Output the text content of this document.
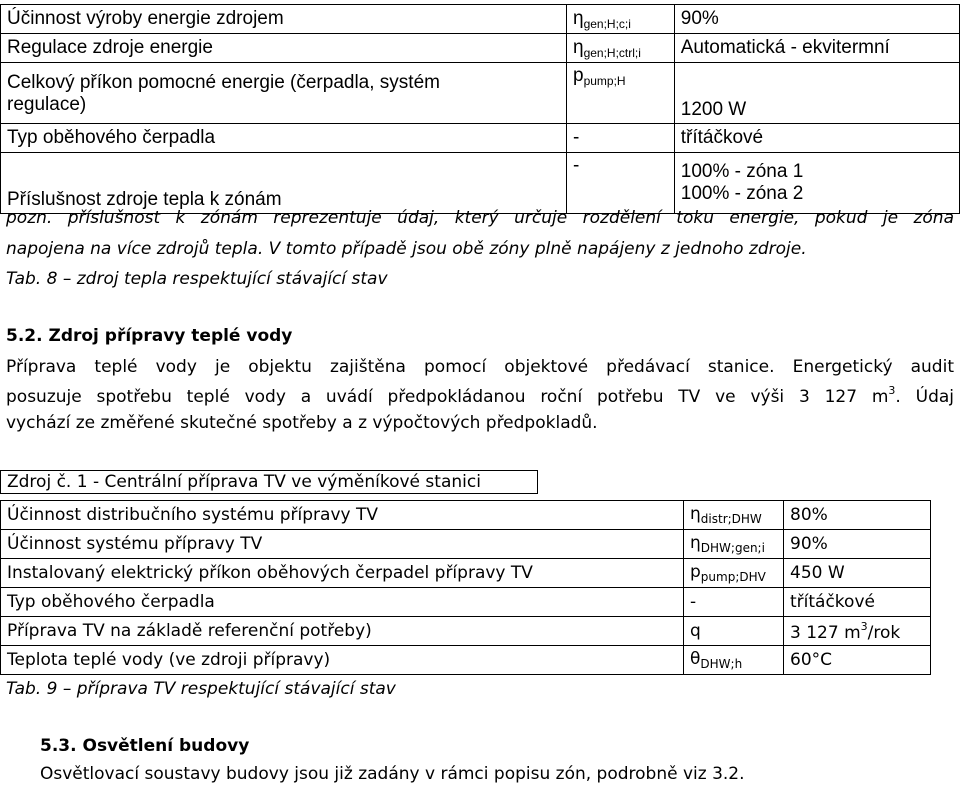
Účinnost výroby energie zdrojem	$\eta_{gen;H;c;i}$	90%
Regulace zdroje energie	$\eta_{gen;H;ctrl;i}$	Automatická - ekvitermní

Celkový příkon pomocné energie (čerpadla, systém
regulace)	$p_{pump;H}$	1200 W
Typ oběhového čerpadla	-	třítáčkové
Příslušnost zdroje tepla k zónám	-	100% - zóna 1
100% - zóna 2
pozn. příslušnost k zónám reprezentuje údaj, který určuje rozdělení toku energie, pokud je zóna
napojena na více zdrojů tepla. V tomto případě jsou obě zóny plně napájeny z jednoho zdroje.
Tab. 8 – zdroj tepla respektující stávající stav
5.2. Zdroj přípravy teplé vody
Příprava teplé vody je objektu zajištěna pomocí objektové předávací stanice. Energetický audit
posuzuje spotřebu teplé vody a uvádí předpokládanou roční potřebu TV ve výši 3 127 $m^3$. Údaj
vychází ze změřené skutečné spotřeby a z výpočtových předpokladů.
Zdroj č. 1 - Centrální příprava TV ve výměníkové stanici
Účinnost distribučního systému přípravy TV	$\eta_{distr;DHW}$	80%
Účinnost systému přípravy TV	$\eta_{DHW;gen;i}$	90%
Instalovaný elektrický příkon oběhových čerpadel přípravy TV	$p_{pump;DHV}$	450 W
Typ oběhového čerpadla	-	třítáčkové
Příprava TV na základě referenční potřeby)	q	3 127 $m^3$/rok
Teplota teplé vody (ve zdroji přípravy)	$\theta_{DHW;h}$	60°C
Tab. 9 – příprava TV respektující stávající stav
5.3. Osvětlení budovy
Osvětlovací soustavy budovy jsou již zadány v rámci popisu zón, podrobně viz 3.2.
